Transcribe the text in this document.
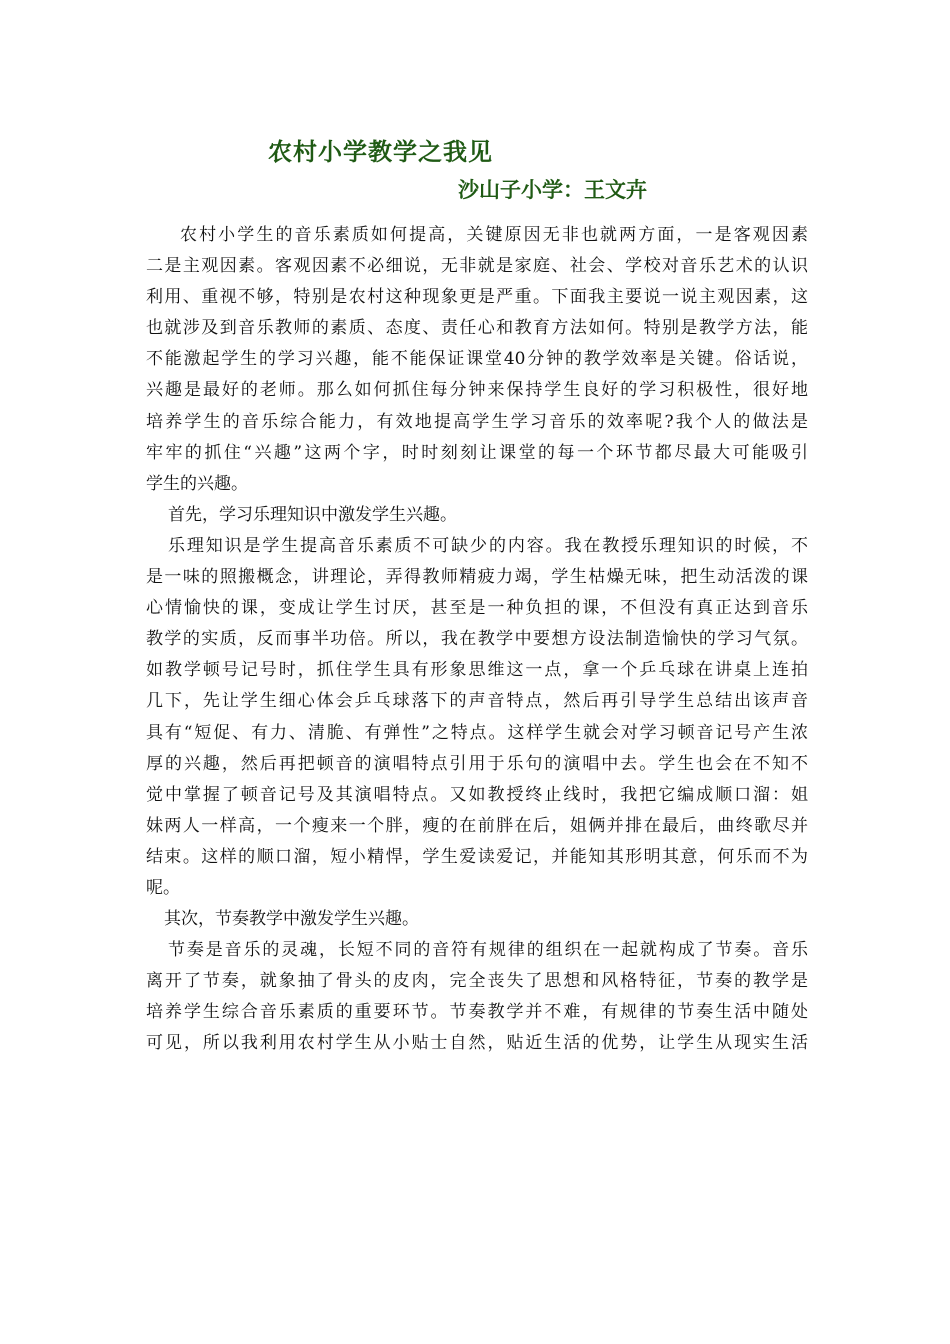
农村小学教学之我见
沙山子小学：王文卉
农村小学生的音乐素质如何提高，关键原因无非也就两方面，一是客观因素
二是主观因素。客观因素不必细说，无非就是家庭、社会、学校对音乐艺术的认识
利用、重视不够，特别是农村这种现象更是严重。下面我主要说一说主观因素，这
也就涉及到音乐教师的素质、态度、责任心和教育方法如何。特别是教学方法，能
不能激起学生的学习兴趣，能不能保证课堂40分钟的教学效率是关键。俗话说，
兴趣是最好的老师。那么如何抓住每分钟来保持学生良好的学习积极性，很好地
培养学生的音乐综合能力，有效地提高学生学习音乐的效率呢?我个人的做法是
牢牢的抓住“兴趣”这两个字，时时刻刻让课堂的每一个环节都尽最大可能吸引
学生的兴趣。
首先，学习乐理知识中激发学生兴趣。
乐理知识是学生提高音乐素质不可缺少的内容。我在教授乐理知识的时候，不
是一味的照搬概念，讲理论，弄得教师精疲力竭，学生枯燥无味，把生动活泼的课
心情愉快的课，变成让学生讨厌，甚至是一种负担的课，不但没有真正达到音乐
教学的实质，反而事半功倍。所以，我在教学中要想方设法制造愉快的学习气氛。
如教学顿号记号时，抓住学生具有形象思维这一点，拿一个乒乓球在讲桌上连拍
几下，先让学生细心体会乒乓球落下的声音特点，然后再引导学生总结出该声音
具有“短促、有力、清脆、有弹性”之特点。这样学生就会对学习顿音记号产生浓
厚的兴趣，然后再把顿音的演唱特点引用于乐句的演唱中去。学生也会在不知不
觉中掌握了顿音记号及其演唱特点。又如教授终止线时，我把它编成顺口溜：姐
妹两人一样高，一个瘦来一个胖，瘦的在前胖在后，姐俩并排在最后，曲终歌尽并
结束。这样的顺口溜，短小精悍，学生爱读爱记，并能知其形明其意，何乐而不为
呢。
其次，节奏教学中激发学生兴趣。
节奏是音乐的灵魂，长短不同的音符有规律的组织在一起就构成了节奏。音乐
离开了节奏，就象抽了骨头的皮肉，完全丧失了思想和风格特征，节奏的教学是
培养学生综合音乐素质的重要环节。节奏教学并不难，有规律的节奏生活中随处
可见，所以我利用农村学生从小贴士自然，贴近生活的优势，让学生从现实生活
